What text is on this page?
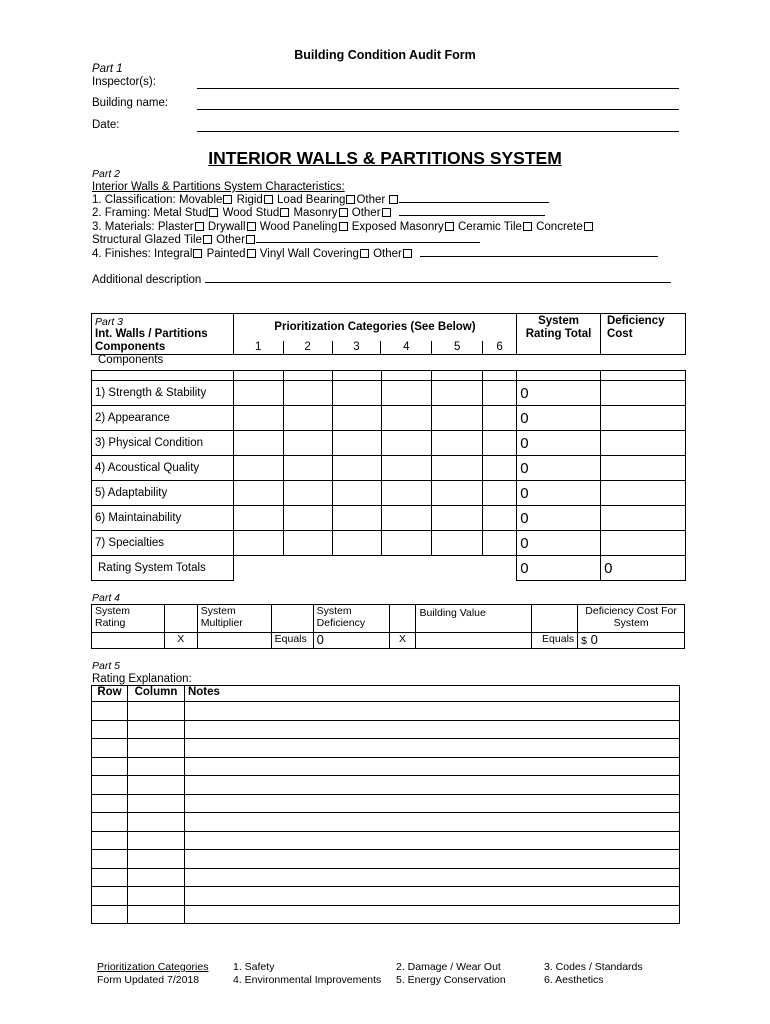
Building Condition Audit Form
Part 1
Inspector(s):
Building name:
Date:
INTERIOR WALLS & PARTITIONS SYSTEM
Part 2
Interior Walls & Partitions System Characteristics:
1. Classification: Movable Rigid Load Bearing Other
2. Framing: Metal Stud Wood Stud Masonry Other
3. Materials: Plaster Drywall Wood Paneling Exposed Masonry Ceramic Tile Concrete
Structural Glazed Tile Other
4. Finishes: Integral Painted Vinyl Wall Covering Other
Additional description
Part 3
Int. Walls / Partitions Components	Prioritization Categories (See Below)						System Rating Total	Deficiency Cost
	1	2	3	4	5	6		
Components

1) Strength & Stability							0	
2) Appearance							0	
3) Physical Condition							0	
4) Acoustical Quality							0	
5) Adaptability							0	
6) Maintainability							0	
7) Specialties							0	
Rating System Totals							0	0
Part 4
System Rating		System Multiplier		System Deficiency		Building Value		Deficiency Cost For System
	X		Equals	0	X		Equals	$ 0
Part 5
Rating Explanation:
Row	Column	Notes

Prioritization Categories
Form Updated 7/2018
1. Safety
4. Environmental Improvements
2. Damage / Wear Out
5. Energy Conservation
3. Codes / Standards
6. Aesthetics
